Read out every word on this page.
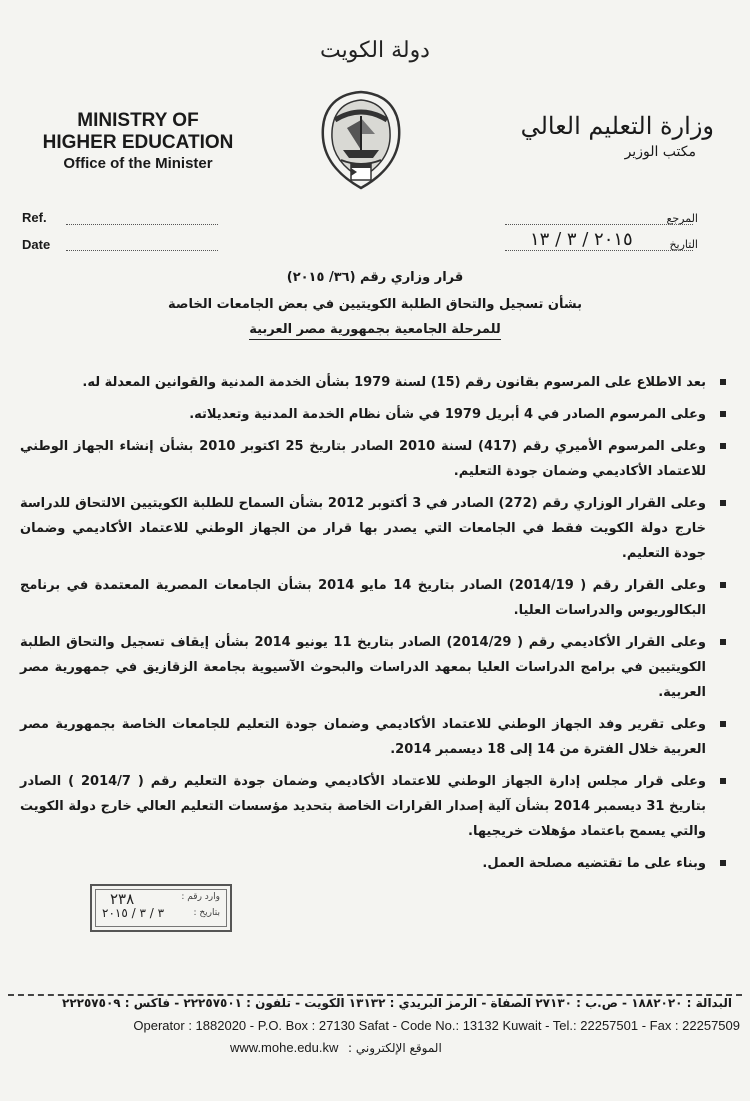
دولة الكويت
MINISTRY OF
HIGHER EDUCATION
Office of the Minister
وزارة التعليم العالي
مكتب الوزير
Ref.
Date
المرجع
التاريخ
٢٠١٥ / ٣ / ١٣
قرار وزاري رقم (٣٦/ ٢٠١٥)
بشأن تسجيل والتحاق الطلبة الكويتيين في بعض الجامعات الخاصة
للمرحلة الجامعية بجمهورية مصر العربية
بعد الاطلاع على المرسوم بقانون رقم (15) لسنة 1979 بشأن الخدمة المدنية والقوانين المعدلة له.
وعلى المرسوم الصادر في 4 أبريل 1979 في شأن نظام الخدمة المدنية وتعديلاته.
وعلى المرسوم الأميري رقم (417) لسنة 2010 الصادر بتاريخ 25 اكتوبر 2010 بشأن إنشاء الجهاز الوطني للاعتماد الأكاديمي وضمان جودة التعليم.
وعلى القرار الوزاري رقم (272) الصادر في 3 أكتوبر 2012 بشأن السماح للطلبة الكويتيين الالتحاق للدراسة خارج دولة الكويت فقط في الجامعات التي يصدر بها قرار من الجهاز الوطني للاعتماد الأكاديمي وضمان جودة التعليم.
وعلى القرار رقم ( 2014/19) الصادر بتاريخ 14 مايو 2014 بشأن الجامعات المصرية المعتمدة في برنامج البكالوريوس والدراسات العليا.
وعلى القرار الأكاديمي رقم ( 2014/29) الصادر بتاريخ 11 يونيو 2014 بشأن إيقاف تسجيل والتحاق الطلبة الكويتيين في برامج الدراسات العليا بمعهد الدراسات والبحوث الآسيوية بجامعة الزقازيق في جمهورية مصر العربية.
وعلى تقرير وفد الجهاز الوطني للاعتماد الأكاديمي وضمان جودة التعليم للجامعات الخاصة بجمهورية مصر العربية خلال الفترة من 14 إلى 18 ديسمبر 2014.
وعلى قرار مجلس إدارة الجهاز الوطني للاعتماد الأكاديمي وضمان جودة التعليم رقم ( 2014/7 ) الصادر بتاريخ 31 ديسمبر 2014 بشأن آلية إصدار القرارات الخاصة بتحديد مؤسسات التعليم العالي خارج دولة الكويت والتي يسمح باعتماد مؤهلات خريجيها.
وبناء على ما تقتضيه مصلحة العمل.
وارد رقم :
٢٣٨
بتاريخ :
٣ / ٣ / ٢٠١٥
البدالة : ١٨٨٢٠٢٠ - ص.ب : ٢٧١٣٠ الصفاة - الرمز البريدي : ١٣١٣٢ الكويت - تلفون : ٢٢٢٥٧٥٠١ - فاكس : ٢٢٢٥٧٥٠٩
Operator : 1882020 - P.O. Box : 27130 Safat - Code No.: 13132 Kuwait - Tel.: 22257501 - Fax : 22257509
www.mohe.edu.kw : الموقع الإلكتروني
